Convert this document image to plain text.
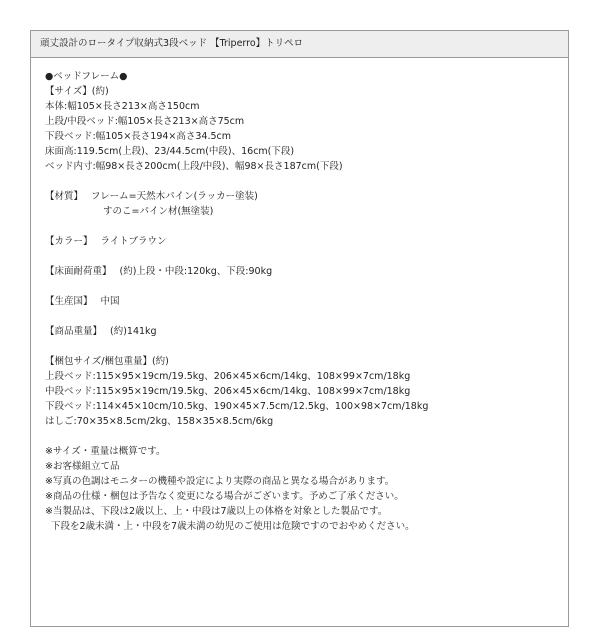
頑丈設計のロータイプ収納式3段ベッド 【Triperro】トリペロ
●ベッドフレーム●
【サイズ】(約)
本体:幅105×長さ213×高さ150cm
上段/中段ベッド:幅105×長さ213×高さ75cm
下段ベッド:幅105×長さ194×高さ34.5cm
床面高:119.5cm(上段)、23/44.5cm(中段)、16cm(下段)
ベッド内寸:幅98×長さ200cm(上段/中段)、幅98×長さ187cm(下段)
【材質】 フレーム=天然木パイン(ラッカー塗装)
すのこ=パイン材(無塗装)
【カラー】 ライトブラウン
【床面耐荷重】 (約)上段・中段:120kg、下段:90kg
【生産国】 中国
【商品重量】 (約)141kg
【梱包サイズ/梱包重量】(約)
上段ベッド:115×95×19cm/19.5kg、206×45×6cm/14kg、108×99×7cm/18kg
中段ベッド:115×95×19cm/19.5kg、206×45×6cm/14kg、108×99×7cm/18kg
下段ベッド:114×45×10cm/10.5kg、190×45×7.5cm/12.5kg、100×98×7cm/18kg
はしご:70×35×8.5cm/2kg、158×35×8.5cm/6kg
※サイズ・重量は概算です。
※お客様組立て品
※写真の色調はモニターの機種や設定により実際の商品と異なる場合があります。
※商品の仕様・梱包は予告なく変更になる場合がございます。予めご了承ください。
※当製品は、下段は2歳以上、上・中段は7歳以上の体格を対象とした製品です。
下段を2歳未満・上・中段を7歳未満の幼児のご使用は危険ですのでおやめください。
